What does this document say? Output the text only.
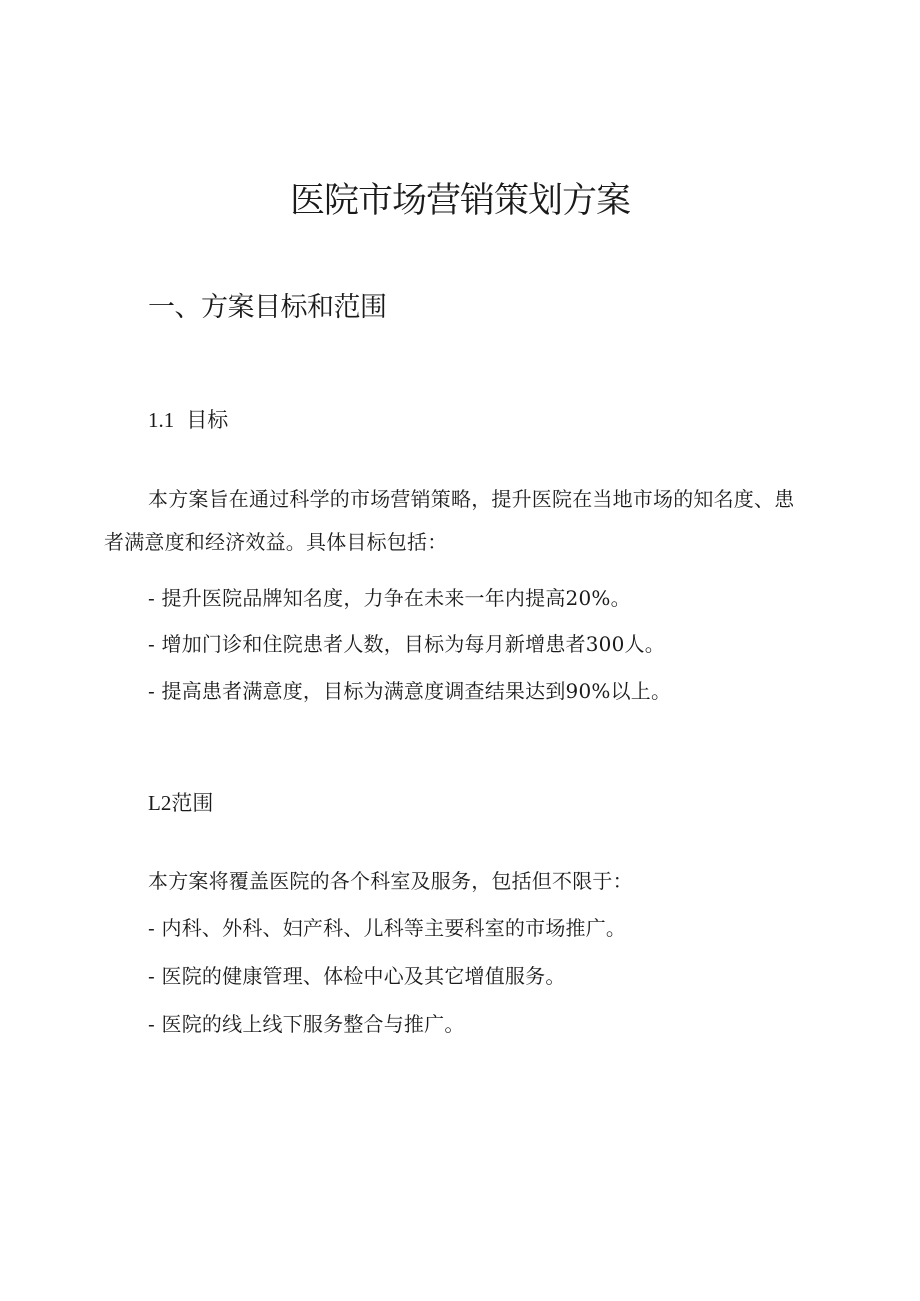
医院市场营销策划方案
一、方案目标和范围
1.1 目标
本方案旨在通过科学的市场营销策略，提升医院在当地市场的知名度、患者满意度和经济效益。具体目标包括：
- 提升医院品牌知名度，力争在未来一年内提高20%。
- 增加门诊和住院患者人数，目标为每月新增患者300人。
- 提高患者满意度，目标为满意度调查结果达到90%以上。
L2范围
本方案将覆盖医院的各个科室及服务，包括但不限于：
- 内科、外科、妇产科、儿科等主要科室的市场推广。
- 医院的健康管理、体检中心及其它增值服务。
- 医院的线上线下服务整合与推广。
